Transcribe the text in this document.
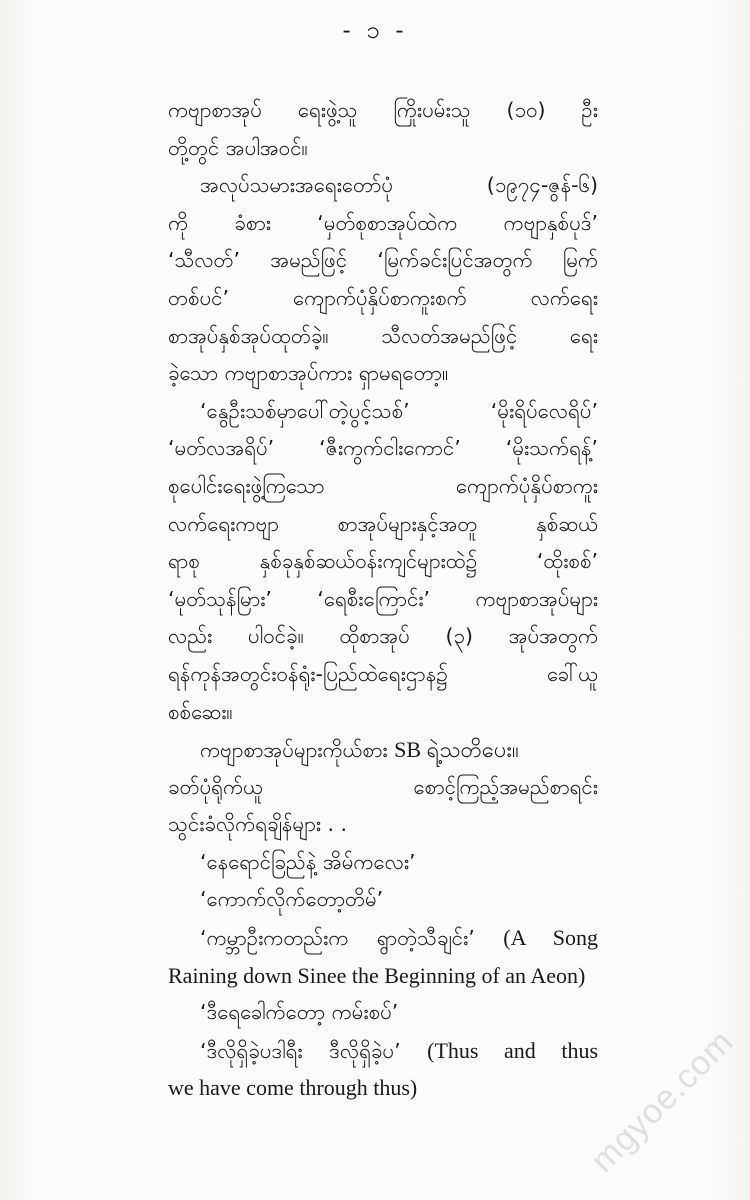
- ၁ -
ကဗျာစာအုပ် ရေးဖွဲ့သူ ကြိုးပမ်းသူ (၁၀) ဦး
တို့တွင် အပါအဝင်။
အလုပ်သမားအရေးတော်ပုံ (၁၉၇၄-ဇွန်-၆)
ကို ခံစား ‘မှတ်စုစာအုပ်ထဲက ကဗျာနှစ်ပုဒ်’
‘သီလတ်’ အမည်ဖြင့် ‘မြက်ခင်းပြင်အတွက် မြက်
တစ်ပင်’ ကျောက်ပုံနှိပ်စာကူးစက် လက်ရေး
စာအုပ်နှစ်အုပ်ထုတ်ခဲ့။ သီလတ်အမည်ဖြင့် ရေး
ခဲ့သော ကဗျာစာအုပ်ကား ရှာမရတော့။
‘နွေဦးသစ်မှာပေါ်တဲ့ပွင့်သစ်’ ‘မိုးရိပ်လေရိပ်’
‘မတ်လအရိပ်’ ‘ဇီးကွက်ငါးကောင်’ ‘မိုးသက်ရန့်’
စုပေါင်းရေးဖွဲ့ကြသော ကျောက်ပုံနှိပ်စာကူး
လက်ရေးကဗျာ စာအုပ်များနှင့်အတူ နှစ်ဆယ်
ရာစု နှစ်ခုနှစ်ဆယ်ဝန်းကျင်များထဲ၌ ‘ထိုးစစ်’
‘မုတ်သုန်မြား’ ‘ရေစီးကြောင်း’ ကဗျာစာအုပ်များ
လည်း ပါဝင်ခဲ့။ ထိုစာအုပ် (၃) အုပ်အတွက်
ရန်ကုန်အတွင်းဝန်ရုံး-ပြည်ထဲရေးဌာန၌ ခေါ်ယူ
စစ်ဆေး။
ကဗျာစာအုပ်များကိုယ်စား SB ရဲ့သတိပေး။
ခတ်ပုံရိုက်ယူ စောင့်ကြည့်အမည်စာရင်း
သွင်းခံလိုက်ရချိန်များ . .
‘နေရောင်ခြည်နဲ့ အိမ်ကလေး’
‘ကောက်လိုက်တော့တိမ်’
‘ကမ္ဘာဦးကတည်းက ရွာတဲ့သီချင်း’ (A Song
Raining down Sinee the Beginning of an Aeon)
‘ဒီရေခေါက်တော့ ကမ်းစပ်’
‘ဒီလိုရှိခဲ့ပဒါရီး ဒီလိုရှိခဲ့ပ’ (Thus and thus
we have come through thus)	mgyoe.com
